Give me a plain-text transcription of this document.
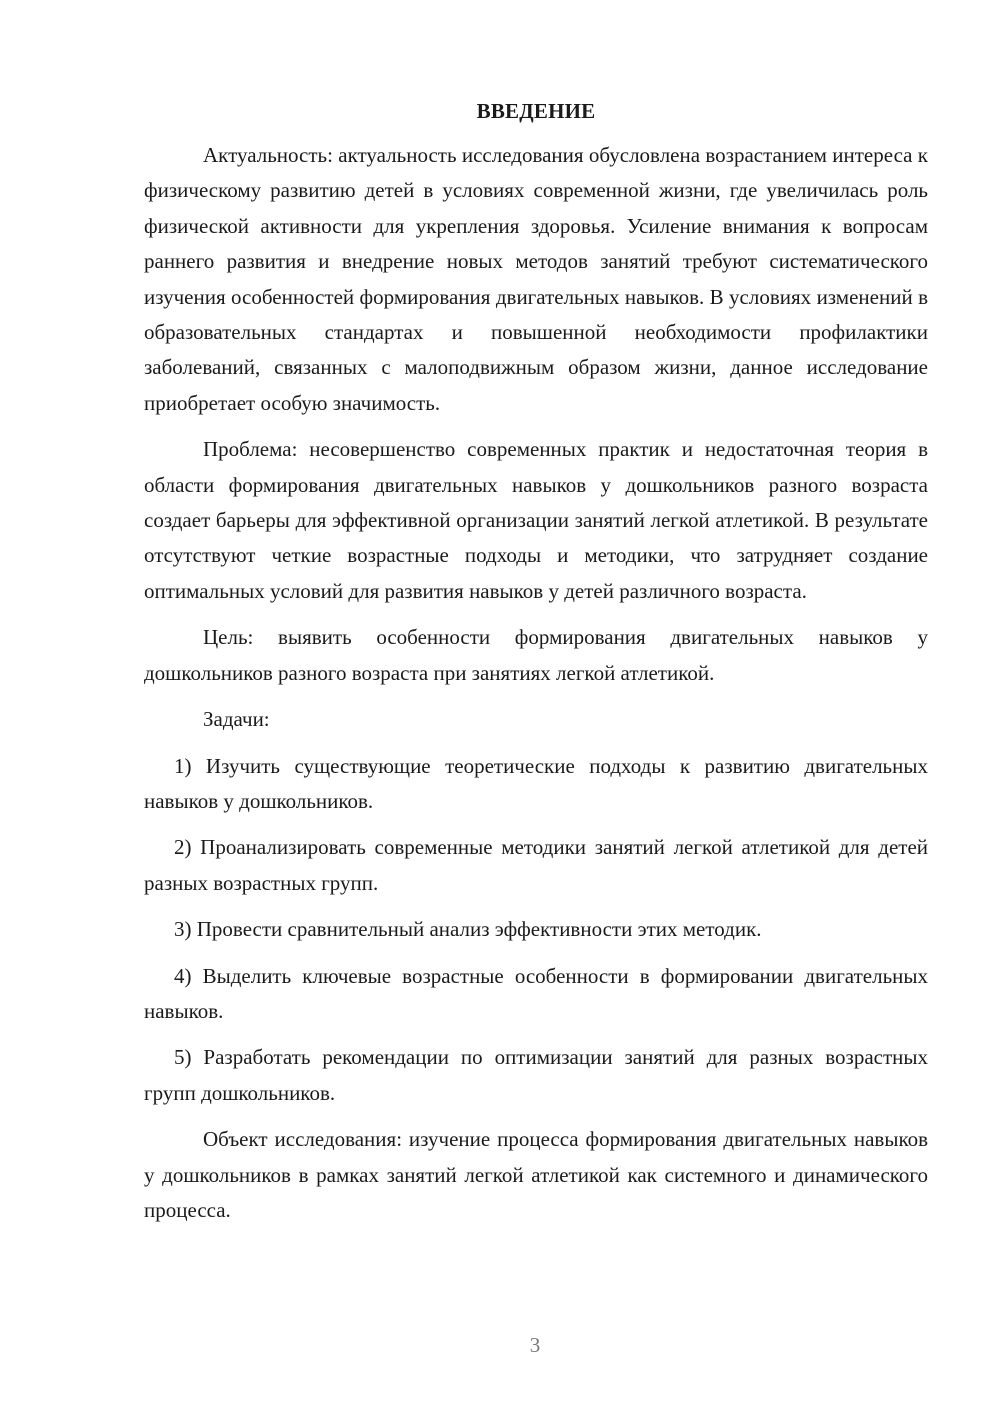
ВВЕДЕНИЕ

Актуальность: актуальность исследования обусловлена возрастанием интереса к физическому развитию детей в условиях современной жизни, где увеличилась роль физической активности для укрепления здоровья. Усиление внимания к вопросам раннего развития и внедрение новых методов занятий требуют систематического изучения особенностей формирования двигательных навыков. В условиях изменений в образовательных стандартах и повышенной необходимости профилактики заболеваний, связанных с малоподвижным образом жизни, данное исследование приобретает особую значимость.

Проблема: несовершенство современных практик и недостаточная теория в области формирования двигательных навыков у дошкольников разного возраста создает барьеры для эффективной организации занятий легкой атлетикой. В результате отсутствуют четкие возрастные подходы и методики, что затрудняет создание оптимальных условий для развития навыков у детей различного возраста.

Цель: выявить особенности формирования двигательных навыков у дошкольников разного возраста при занятиях легкой атлетикой.

Задачи:

1) Изучить существующие теоретические подходы к развитию двигательных навыков у дошкольников.

2) Проанализировать современные методики занятий легкой атлетикой для детей разных возрастных групп.

3) Провести сравнительный анализ эффективности этих методик.

4) Выделить ключевые возрастные особенности в формировании двигательных навыков.

5) Разработать рекомендации по оптимизации занятий для разных возрастных групп дошкольников.

Объект исследования: изучение процесса формирования двигательных навыков у дошкольников в рамках занятий легкой атлетикой как системного и динамического процесса.

3
